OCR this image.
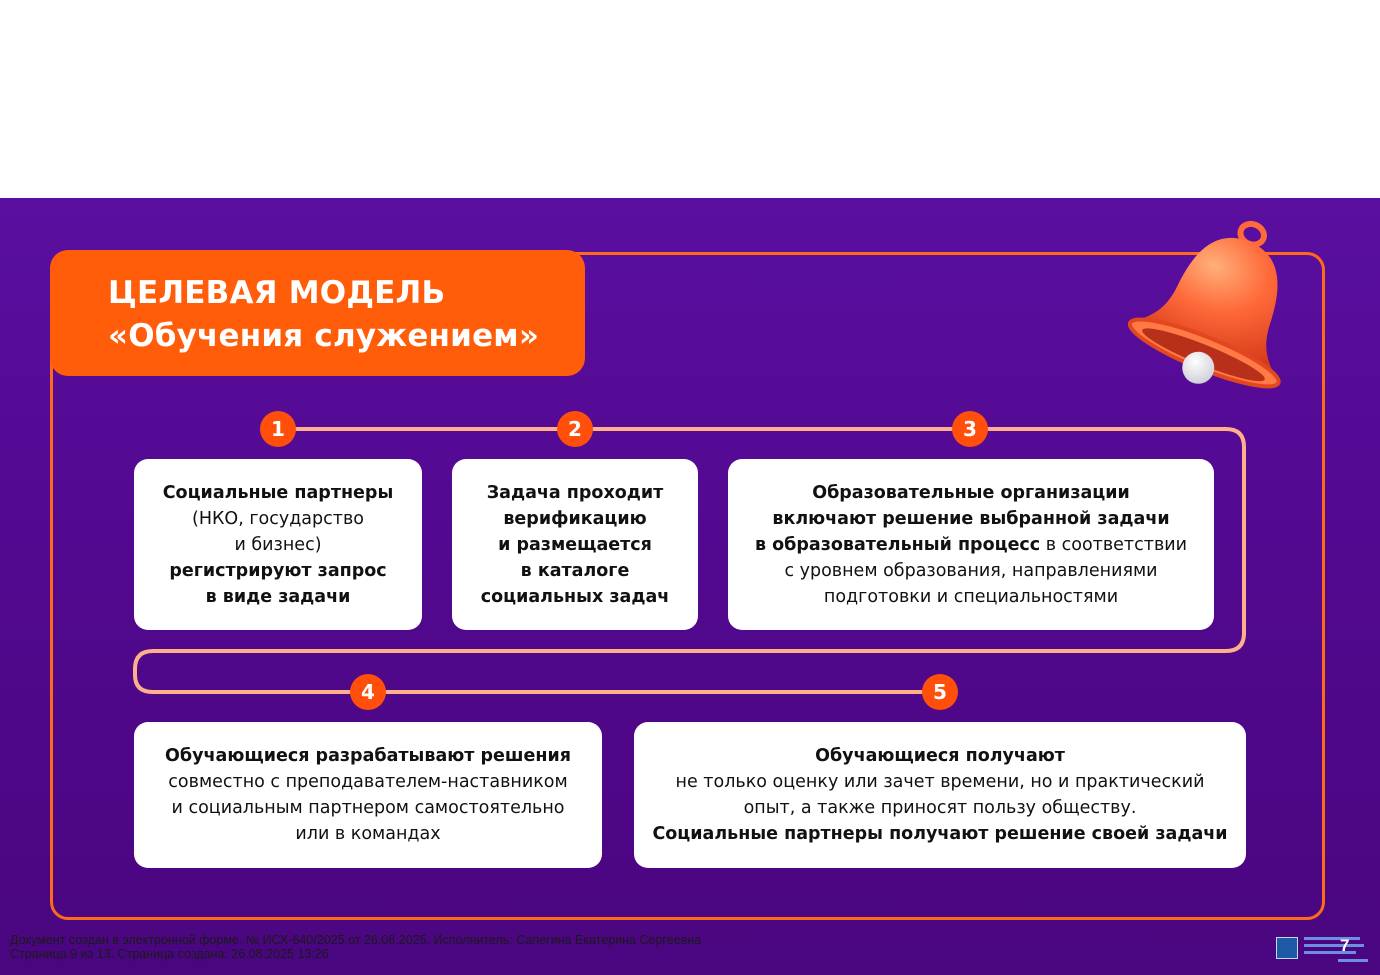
ЦЕЛЕВАЯ МОДЕЛЬ
«Обучения служением»
1	2	3
4	5
Социальные партнеры
(НКО, государство
и бизнес)
регистрируют запрос
в виде задачи
Задача проходит
верификацию
и размещается
в каталоге
социальных задач
Образовательные организации
включают решение выбранной задачи
в образовательный процесс в соответствии
с уровнем образования, направлениями
подготовки и специальностями
Обучающиеся разрабатывают решения
совместно с преподавателем-наставником
и социальным партнером самостоятельно
или в командах
Обучающиеся получают
не только оценку или зачет времени, но и практический
опыт, а также приносят пользу обществу.
Социальные партнеры получают решение своей задачи
Документ создан в электронной форме. № ИСХ-640/2025 от 26.08.2025. Исполнитель: Сапегина Екатерина Сергеевна
Страница 9 из 13. Страница создана: 26.08.2025 13:26	7
